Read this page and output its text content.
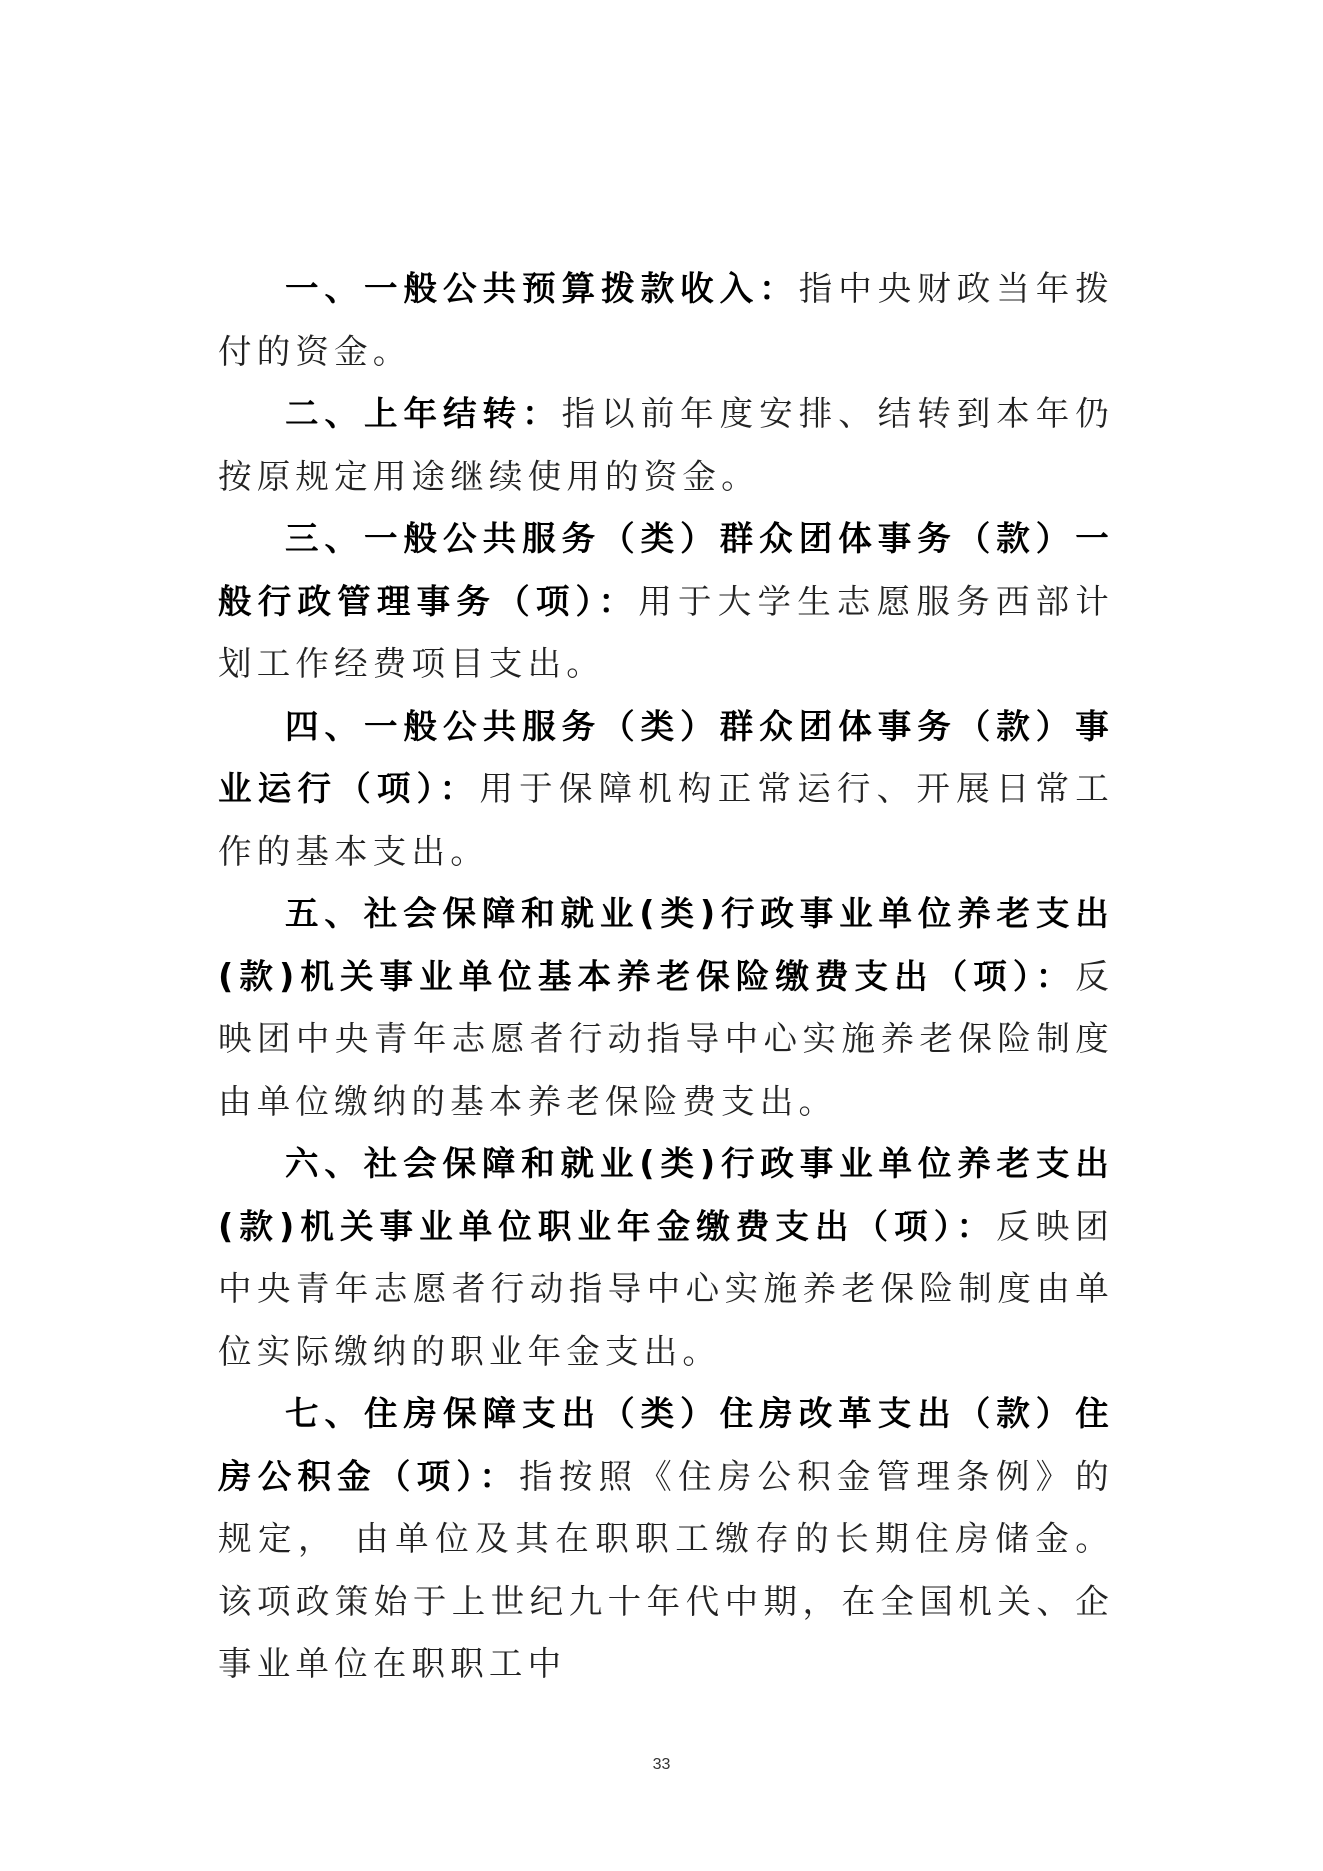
一、一般公共预算拨款收入：指中央财政当年拨付的资金。

二、上年结转：指以前年度安排、结转到本年仍按原规定用途继续使用的资金。

三、一般公共服务（类）群众团体事务（款）一般行政管理事务（项）：用于大学生志愿服务西部计划工作经费项目支出。

四、一般公共服务（类）群众团体事务（款）事业运行（项）：用于保障机构正常运行、开展日常工作的基本支出。

五、社会保障和就业(类)行政事业单位养老支出(款)机关事业单位基本养老保险缴费支出（项）：反映团中央青年志愿者行动指导中心实施养老保险制度由单位缴纳的基本养老保险费支出。

六、社会保障和就业(类)行政事业单位养老支出(款)机关事业单位职业年金缴费支出（项）：反映团中央青年志愿者行动指导中心实施养老保险制度由单位实际缴纳的职业年金支出。

七、住房保障支出（类）住房改革支出（款）住房公积金（项）：指按照《住房公积金管理条例》的规定， 由单位及其在职职工缴存的长期住房储金。该项政策始于上世纪九十年代中期，在全国机关、企事业单位在职职工中

33
